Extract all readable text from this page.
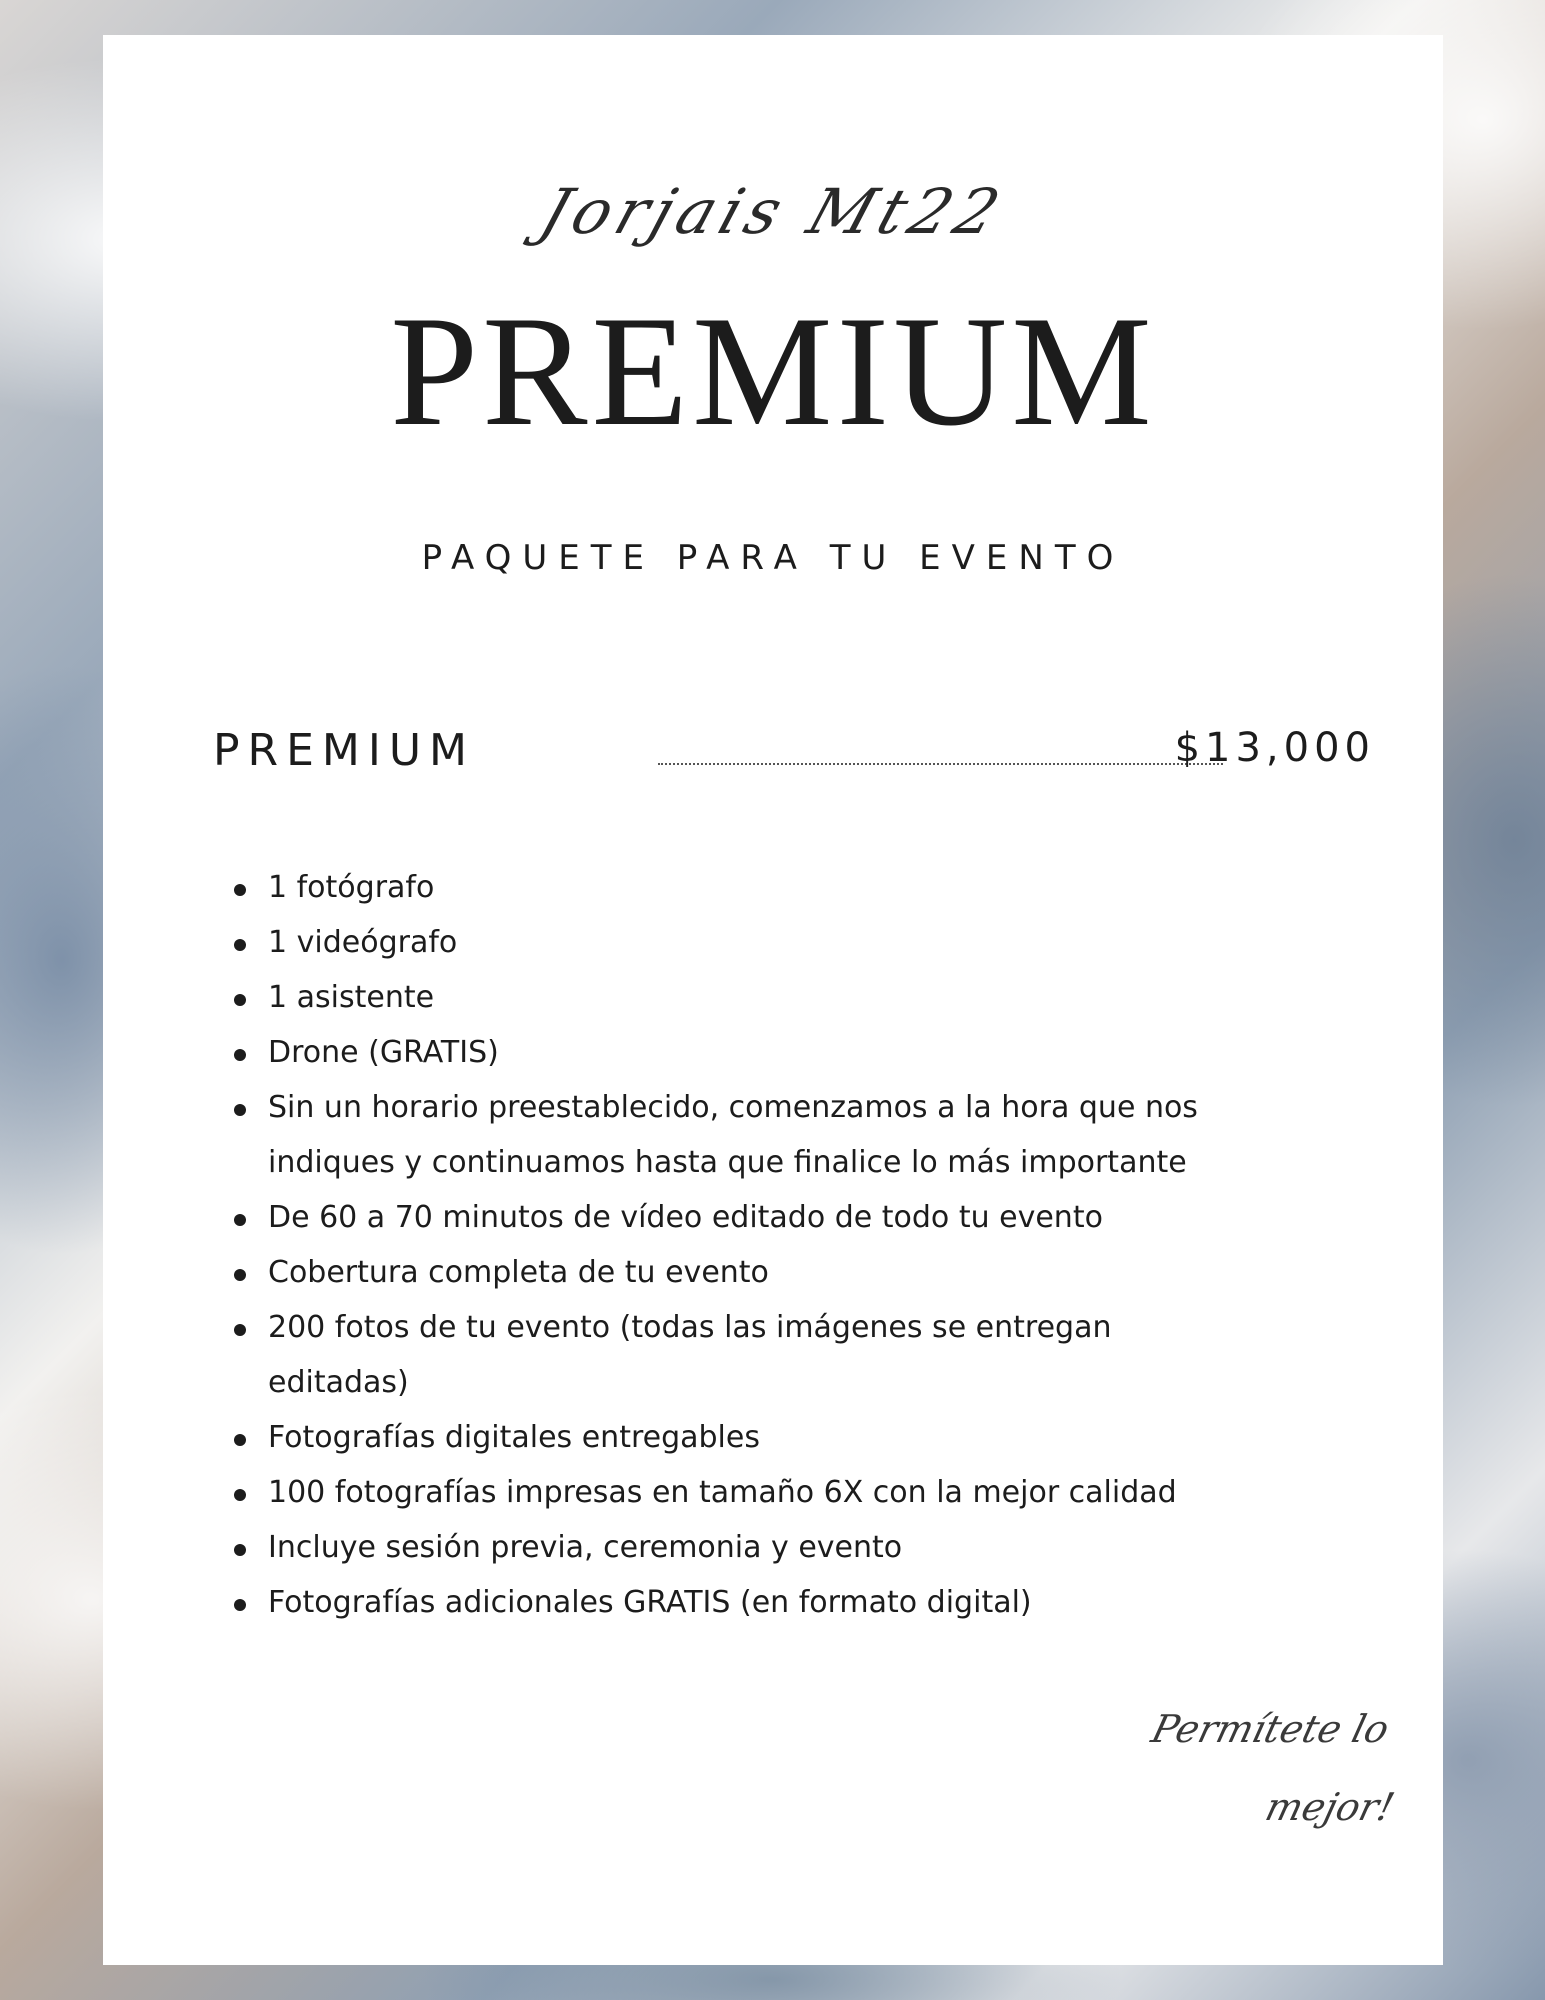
Jorjais Mt22
PREMIUM
PAQUETE PARA TU EVENTO
PREMIUM	$13,000
1 fotógrafo
1 videógrafo
1 asistente
Drone (GRATIS)
Sin un horario preestablecido, comenzamos a la hora que nos indiques y continuamos hasta que finalice lo más importante
De 60 a 70 minutos de vídeo editado de todo tu evento
Cobertura completa de tu evento
200 fotos de tu evento (todas las imágenes se entregan editadas)
Fotografías digitales entregables
100 fotografías impresas en tamaño 6X con la mejor calidad
Incluye sesión previa, ceremonia y evento
Fotografías adicionales GRATIS (en formato digital)
Permítete lo
mejor!
